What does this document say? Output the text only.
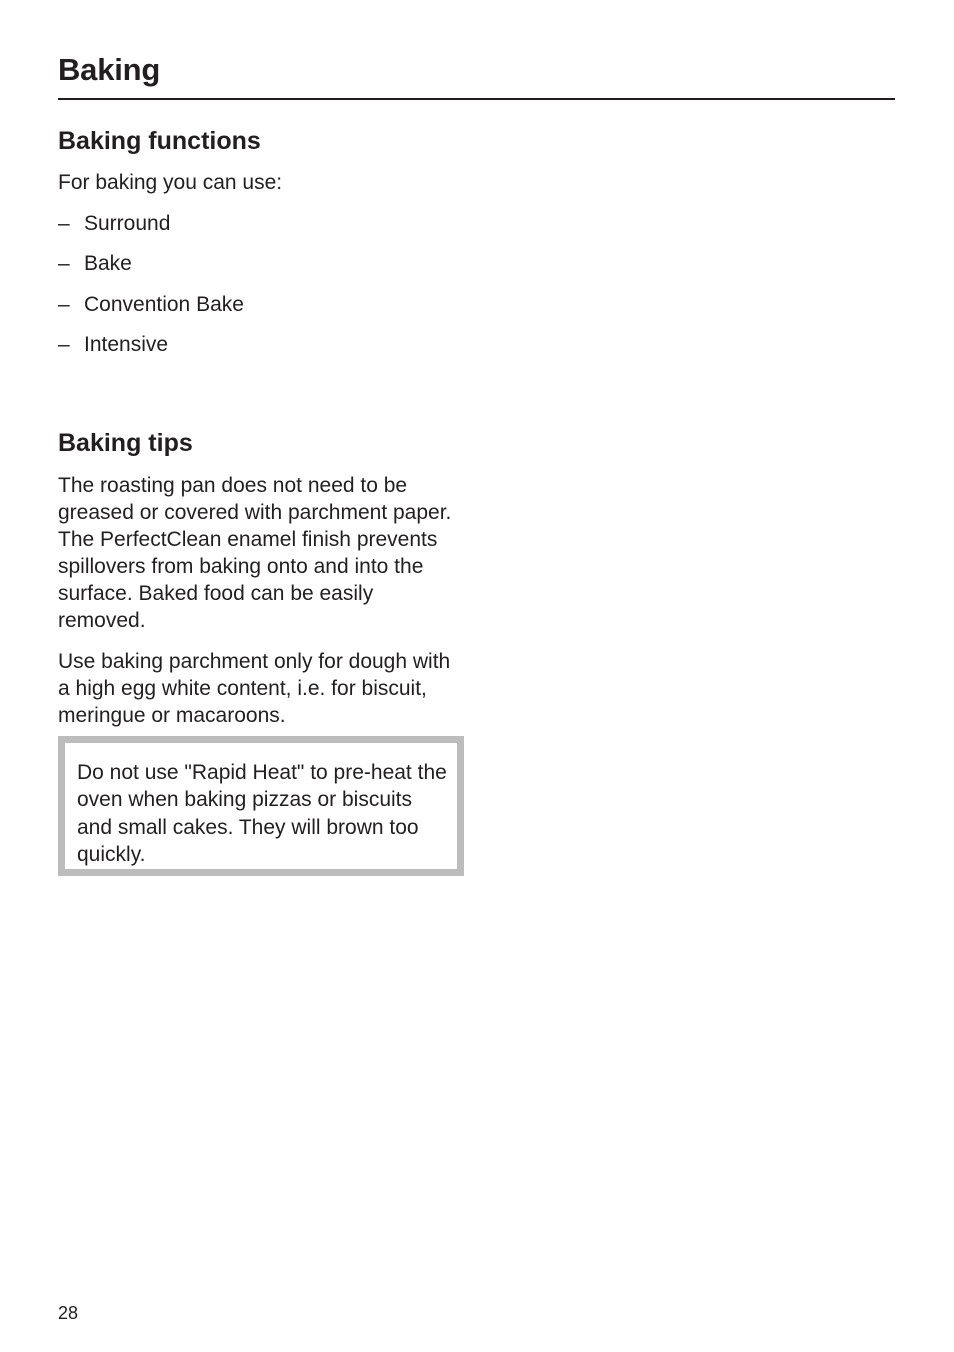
Baking
Baking functions

For baking you can use:

– Surround
– Bake
– Convention Bake
– Intensive
Baking tips

The roasting pan does not need to be greased or covered with parchment paper. The PerfectClean enamel finish prevents spillovers from baking onto and into the surface. Baked food can be easily removed.

Use baking parchment only for dough with a high egg white content, i.e. for biscuit, meringue or macaroons.

Do not use "Rapid Heat" to pre-heat the oven when baking pizzas or biscuits and small cakes. They will brown too quickly.

28
